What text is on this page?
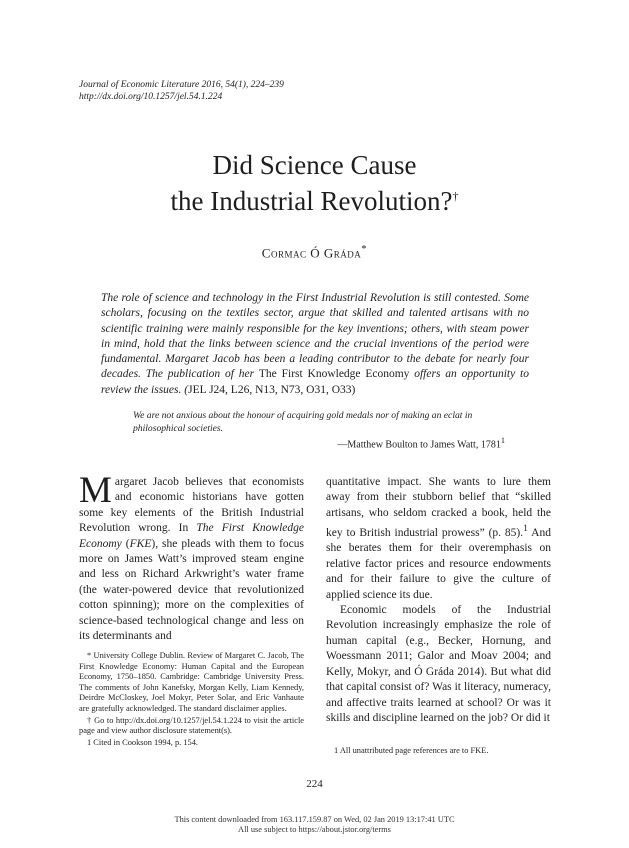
Journal of Economic Literature 2016, 54(1), 224–239
http://dx.doi.org/10.1257/jel.54.1.224
Did Science Cause
the Industrial Revolution?†
Cormac Ó Gráda*
The role of science and technology in the First Industrial Revolution is still contested. Some scholars, focusing on the textiles sector, argue that skilled and talented artisans with no scientific training were mainly responsible for the key inventions; others, with steam power in mind, hold that the links between science and the crucial inventions of the period were fundamental. Margaret Jacob has been a leading contributor to the debate for nearly four decades. The publication of her The First Knowledge Economy offers an opportunity to review the issues. (JEL J24, L26, N13, N73, O31, O33)
We are not anxious about the honour of acquiring gold medals nor of making an eclat in philosophical societies.
—Matthew Boulton to James Watt, 1781$^1$

Margaret Jacob believes that economists and economic historians have gotten some key elements of the British Industrial Revolution wrong. In The First Knowledge Economy (FKE), she pleads with them to focus more on James Watt’s improved steam engine and less on Richard Arkwright’s water frame (the water-powered device that revolutionized cotton spinning); more on the complexities of science-based technological change and less on its determinants and

quantitative impact. She wants to lure them away from their stubborn belief that “skilled artisans, who seldom cracked a book, held the key to British industrial prowess” (p. 85).$^1$ And she berates them for their overemphasis on relative factor prices and resource endowments and for their failure to give the culture of applied science its due.

Economic models of the Industrial Revolution increasingly emphasize the role of human capital (e.g., Becker, Hornung, and Woessmann 2011; Galor and Moav 2004; and Kelly, Mokyr, and Ó Gráda 2014). But what did that capital consist of? Was it literacy, numeracy, and affective traits learned at school? Or was it skills and discipline learned on the job? Or did it

* University College Dublin. Review of Margaret C. Jacob, The First Knowledge Economy: Human Capital and the European Economy, 1750–1850. Cambridge: Cambridge University Press. The comments of John Kanefsky, Morgan Kelly, Liam Kennedy, Deirdre McCloskey, Joel Mokyr, Peter Solar, and Eric Vanhaute are gratefully acknowledged. The standard disclaimer applies.

† Go to http://dx.doi.org/10.1257/jel.54.1.224 to visit the article page and view author disclosure statement(s).

1 Cited in Cookson 1994, p. 154.

1 All unattributed page references are to FKE.
224
This content downloaded from 163.117.159.87 on Wed, 02 Jan 2019 13:17:41 UTC
All use subject to https://about.jstor.org/terms
